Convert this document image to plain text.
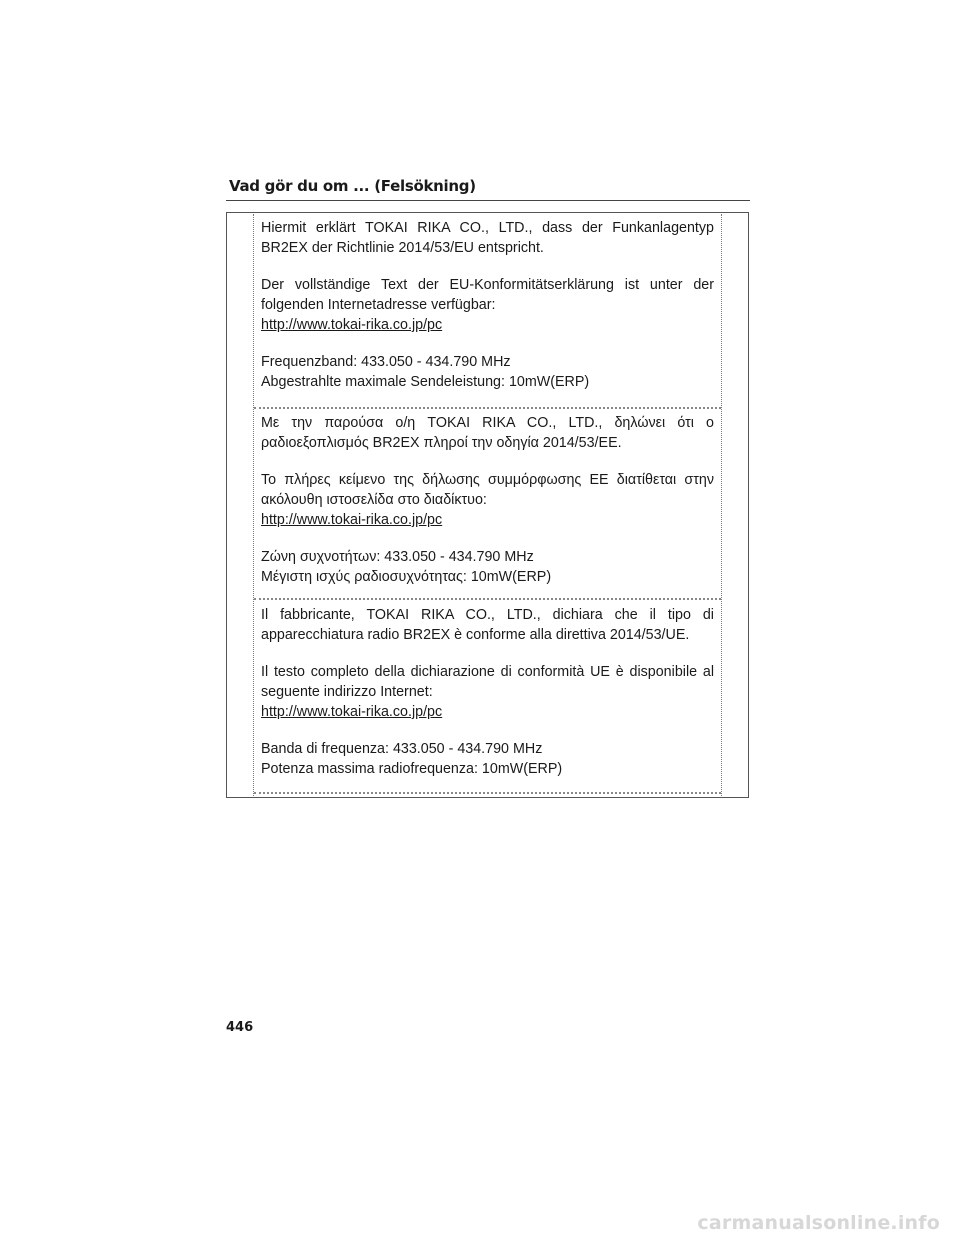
Vad gör du om ... (Felsökning)

Hiermit erklärt TOKAI RIKA CO., LTD., dass der Funkanlagentyp BR2EX der Richtlinie 2014/53/EU entspricht.

Der vollständige Text der EU-Konformitätserklärung ist unter der folgenden Internetadresse verfügbar:

http://www.tokai-rika.co.jp/pc

Frequenzband: 433.050 - 434.790 MHz

Abgestrahlte maximale Sendeleistung: 10mW(ERP)

Με την παρούσα ο/η TOKAI RIKA CO., LTD., δηλώνει ότι ο ραδιοεξοπλισμός BR2EX πληροί την οδηγία 2014/53/ΕΕ.

Το πλήρες κείμενο της δήλωσης συμμόρφωσης ΕΕ διατίθεται στην ακόλουθη ιστοσελίδα στο διαδίκτυο:

http://www.tokai-rika.co.jp/pc

Ζώνη συχνοτήτων: 433.050 - 434.790 MHz

Μέγιστη ισχύς ραδιοσυχνότητας: 10mW(ERP)

Il fabbricante, TOKAI RIKA CO., LTD., dichiara che il tipo di apparecchiatura radio BR2EX è conforme alla direttiva 2014/53/UE.

Il testo completo della dichiarazione di conformità UE è disponibile al seguente indirizzo Internet:

http://www.tokai-rika.co.jp/pc

Banda di frequenza: 433.050 - 434.790 MHz

Potenza massima radiofrequenza: 10mW(ERP)

446
carmanualsonline.info
